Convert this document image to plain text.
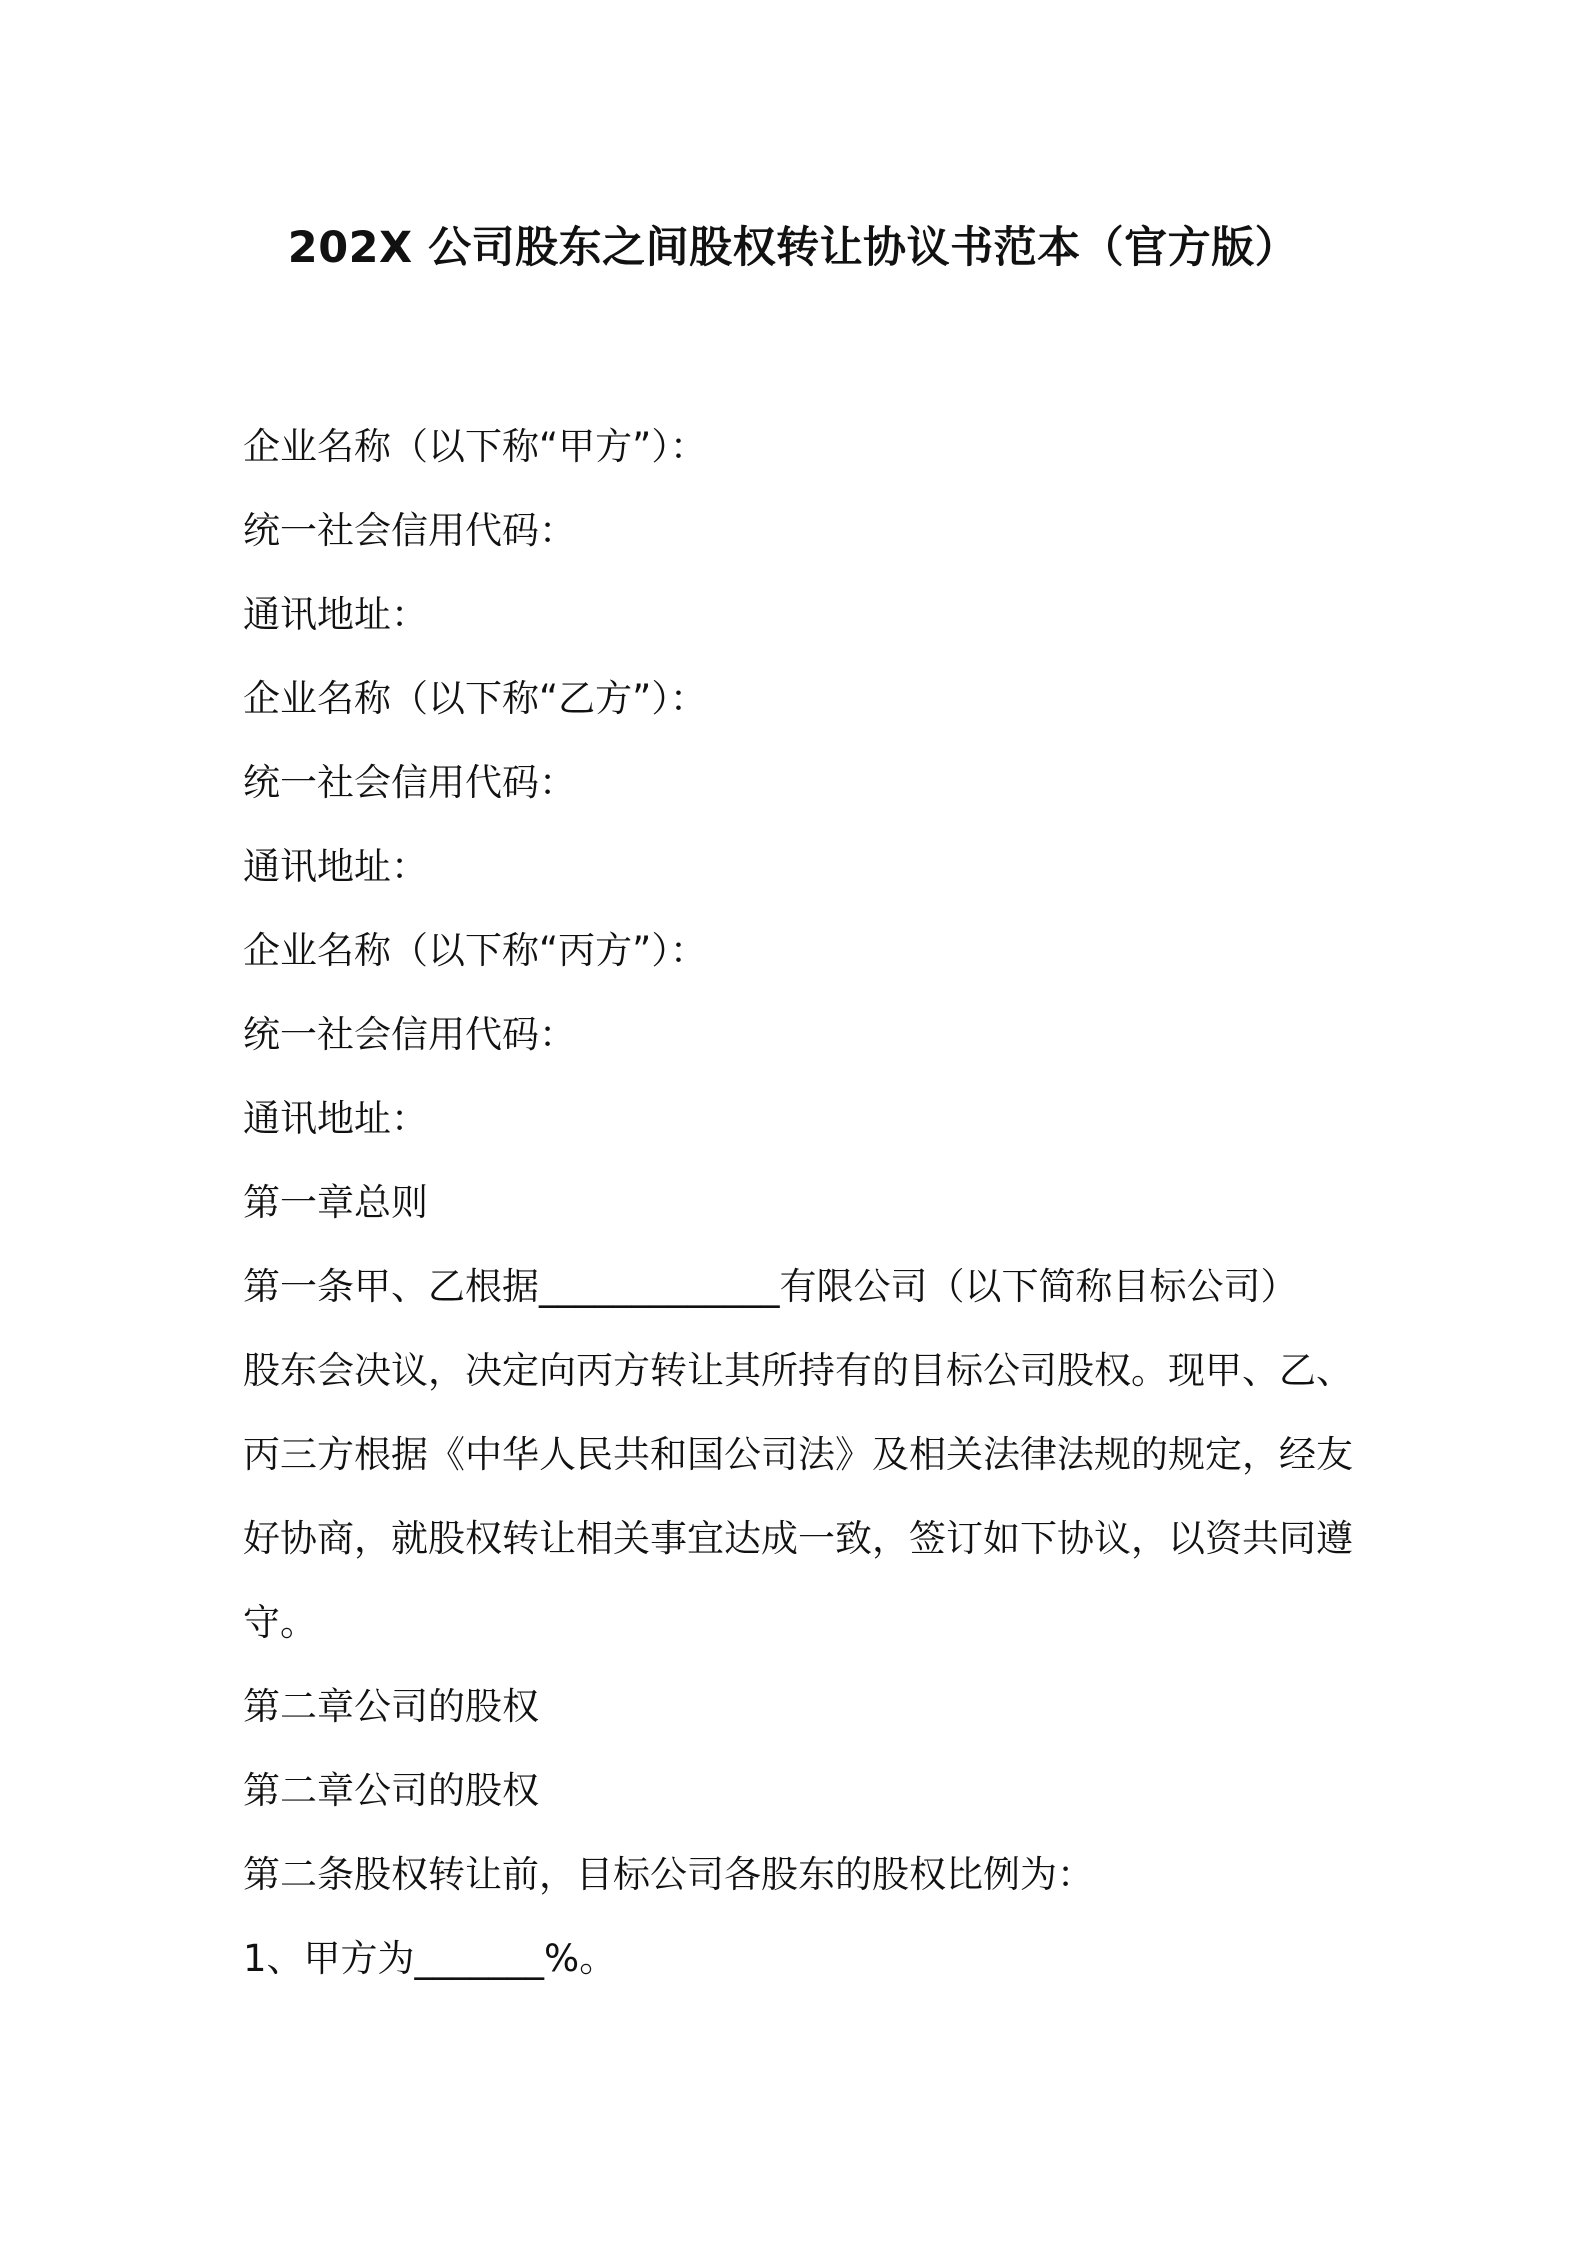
202X 公司股东之间股权转让协议书范本（官方版）
企业名称（以下称“甲方”）：
统一社会信用代码：
通讯地址：
企业名称（以下称“乙方”）：
统一社会信用代码：
通讯地址：
企业名称（以下称“丙方”）：
统一社会信用代码：
通讯地址：
第一章总则
第一条甲、乙根据_____________有限公司（以下简称目标公司）
股东会决议，决定向丙方转让其所持有的目标公司股权。现甲、乙、
丙三方根据《中华人民共和国公司法》及相关法律法规的规定，经友
好协商，就股权转让相关事宜达成一致，签订如下协议，以资共同遵
守。
第二章公司的股权
第二章公司的股权
第二条股权转让前，目标公司各股东的股权比例为：
1、甲方为_______%。
